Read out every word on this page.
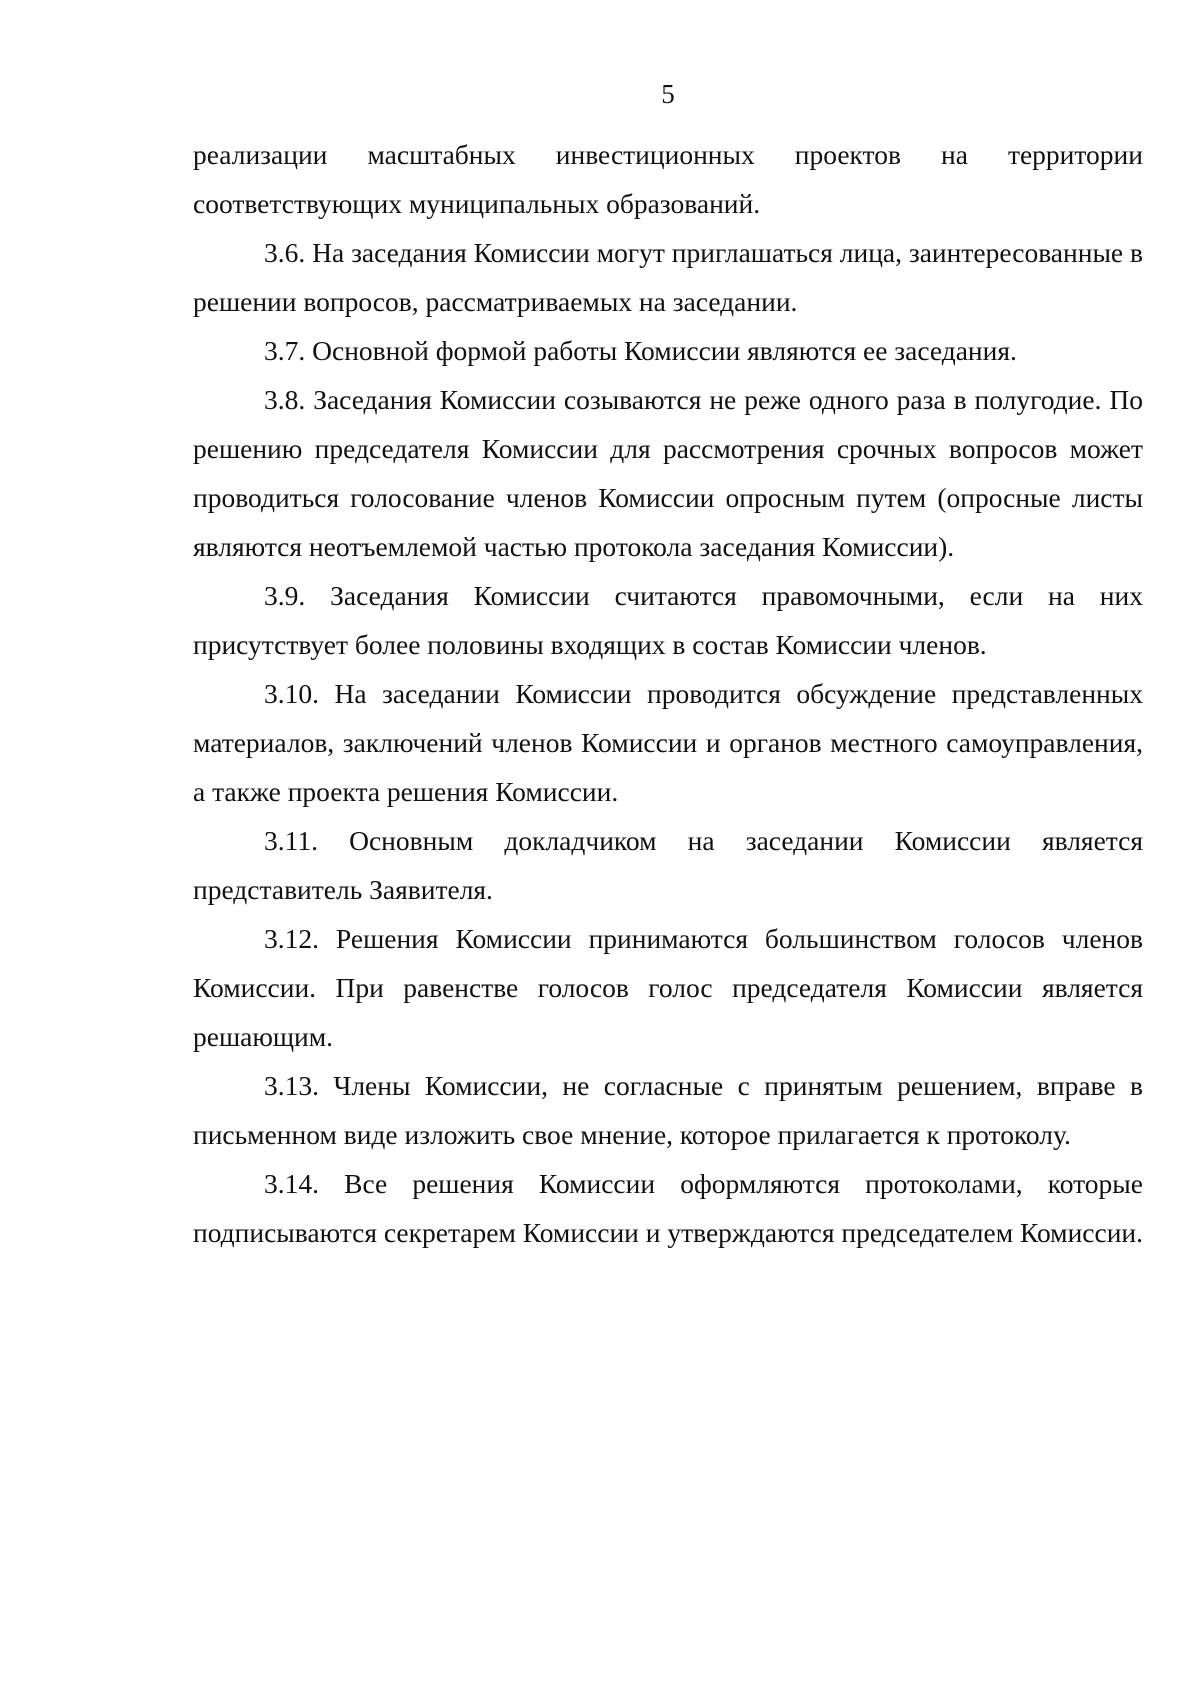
5

реализации масштабных инвестиционных проектов на территории соответствующих муниципальных образований.

3.6. На заседания Комиссии могут приглашаться лица, заинтересованные в решении вопросов, рассматриваемых на заседании.

3.7. Основной формой работы Комиссии являются ее заседания.

3.8. Заседания Комиссии созываются не реже одного раза в полугодие. По решению председателя Комиссии для рассмотрения срочных вопросов может проводиться голосование членов Комиссии опросным путем (опросные листы являются неотъемлемой частью протокола заседания Комиссии).

3.9. Заседания Комиссии считаются правомочными, если на них присутствует более половины входящих в состав Комиссии членов.

3.10. На заседании Комиссии проводится обсуждение представленных материалов, заключений членов Комиссии и органов местного самоуправления, а также проекта решения Комиссии.

3.11. Основным докладчиком на заседании Комиссии является представитель Заявителя.

3.12. Решения Комиссии принимаются большинством голосов членов Комиссии. При равенстве голосов голос председателя Комиссии является решающим.

3.13. Члены Комиссии, не согласные с принятым решением, вправе в письменном виде изложить свое мнение, которое прилагается к протоколу.

3.14. Все решения Комиссии оформляются протоколами, которые подписываются секретарем Комиссии и утверждаются председателем Комиссии.
